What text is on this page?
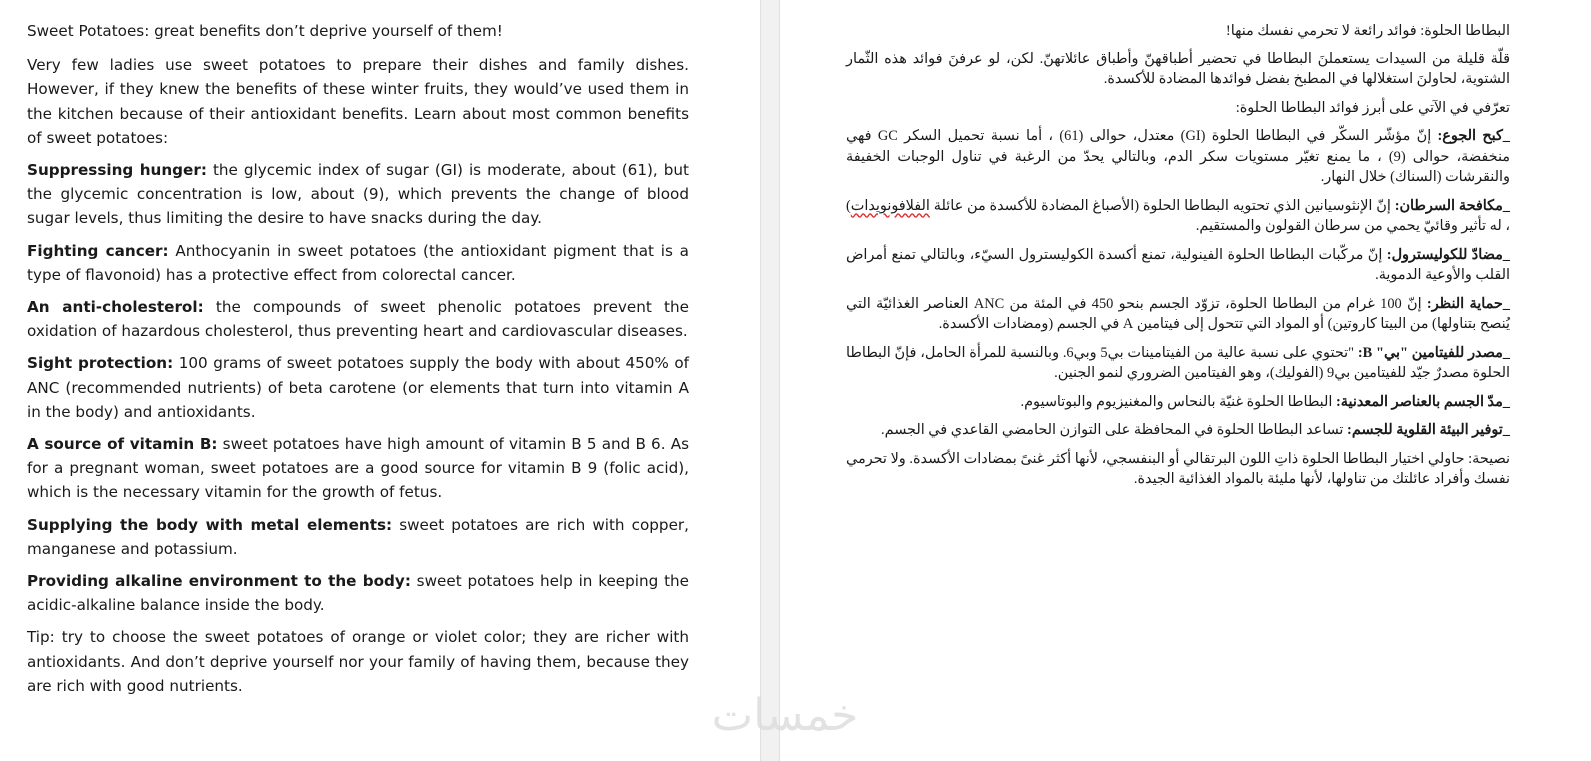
Sweet Potatoes: great benefits don’t deprive yourself of them!

Very few ladies use sweet potatoes to prepare their dishes and family dishes. However, if they knew the benefits of these winter fruits, they would’ve used them in the kitchen because of their antioxidant benefits. Learn about most common benefits of sweet potatoes:

Suppressing hunger: the glycemic index of sugar (GI) is moderate, about (61), but the glycemic concentration is low, about (9), which prevents the change of blood sugar levels, thus limiting the desire to have snacks during the day.

Fighting cancer: Anthocyanin in sweet potatoes (the antioxidant pigment that is a type of flavonoid) has a protective effect from colorectal cancer.

An anti-cholesterol: the compounds of sweet phenolic potatoes prevent the oxidation of hazardous cholesterol, thus preventing heart and cardiovascular diseases.

Sight protection: 100 grams of sweet potatoes supply the body with about 450% of ANC (recommended nutrients) of beta carotene (or elements that turn into vitamin A in the body) and antioxidants.

A source of vitamin B: sweet potatoes have high amount of vitamin B 5 and B 6. As for a pregnant woman, sweet potatoes are a good source for vitamin B 9 (folic acid), which is the necessary vitamin for the growth of fetus.

Supplying the body with metal elements: sweet potatoes are rich with copper, manganese and potassium.

Providing alkaline environment to the body: sweet potatoes help in keeping the acidic-alkaline balance inside the body.

Tip: try to choose the sweet potatoes of orange or violet color; they are richer with antioxidants. And don’t deprive yourself nor your family of having them, because they are rich with good nutrients.

البطاطا الحلوة: فوائد رائعة لا تحرمي نفسك منها!

قلّة قليلة من السيدات يستعملنَ البطاطا في تحضير أطباقهنّ وأطباق عائلاتهنّ. لكن، لو عرفنَ فوائد هذه الثّمار الشتوية، لحاولنَ استغلالها في المطبخ بفضل فوائدها المضادة للأكسدة.

تعرّفي في الآتي على أبرز فوائد البطاطا الحلوة:

_كبح الجوع: إنّ مؤشّر السكّر في البطاطا الحلوة (GI) معتدل، حوالى (61) ، أما نسبة تحميل السكر GC فهي منخفضة، حوالى (9) ، ما يمنع تغيّر مستويات سكر الدم، وبالتالي يحدّ من الرغبة في تناول الوجبات الخفيفة والنقرشات (السناك) خلال النهار.

_مكافحة السرطان: إنّ الإنثوسيانين الذي تحتويه البطاطا الحلوة (الأصباغ المضادة للأكسدة من عائلة الفلافونويدات) ، له تأثير وقائيّ يحمي من سرطان القولون والمستقيم.

_مضادّ للكوليسترول: إنّ مركّبات البطاطا الحلوة الفينولية، تمنع أكسدة الكوليسترول السيّء، وبالتالي تمنع أمراض القلب والأوعية الدموية.

_حماية النظر: إنّ 100 غرام من البطاطا الحلوة، تزوّد الجسم بنحو 450 في المئة من ANC العناصر الغذائيّة التي يُنصح بتناولها) من البيتا كاروتين) أو المواد التي تتحول إلى فيتامين A في الجسم (ومضادات الأكسدة.

_مصدر للفيتامين "بي" B: "تحتوي على نسبة عالية من الفيتامينات بي5 وبي6. وبالنسبة للمرأة الحامل، فإنّ البطاطا الحلوة مصدرٌ جيّد للفيتامين بي9 (الفوليك)، وهو الفيتامين الضروري لنمو الجنين.

_مدّ الجسم بالعناصر المعدنية: البطاطا الحلوة غنيّة بالنحاس والمغنيزيوم والبوتاسيوم.

_توفير البيئة القلوية للجسم: تساعد البطاطا الحلوة في المحافظة على التوازن الحامضي القاعدي في الجسم.

نصيحة: حاولي اختيار البطاطا الحلوة ذاتِ اللون البرتقالي أو البنفسجي، لأنها أكثر غنىً بمضادات الأكسدة. ولا تحرمي نفسك وأفراد عائلتك من تناولها، لأنها مليئة بالمواد الغذائية الجيدة.

خمسات
